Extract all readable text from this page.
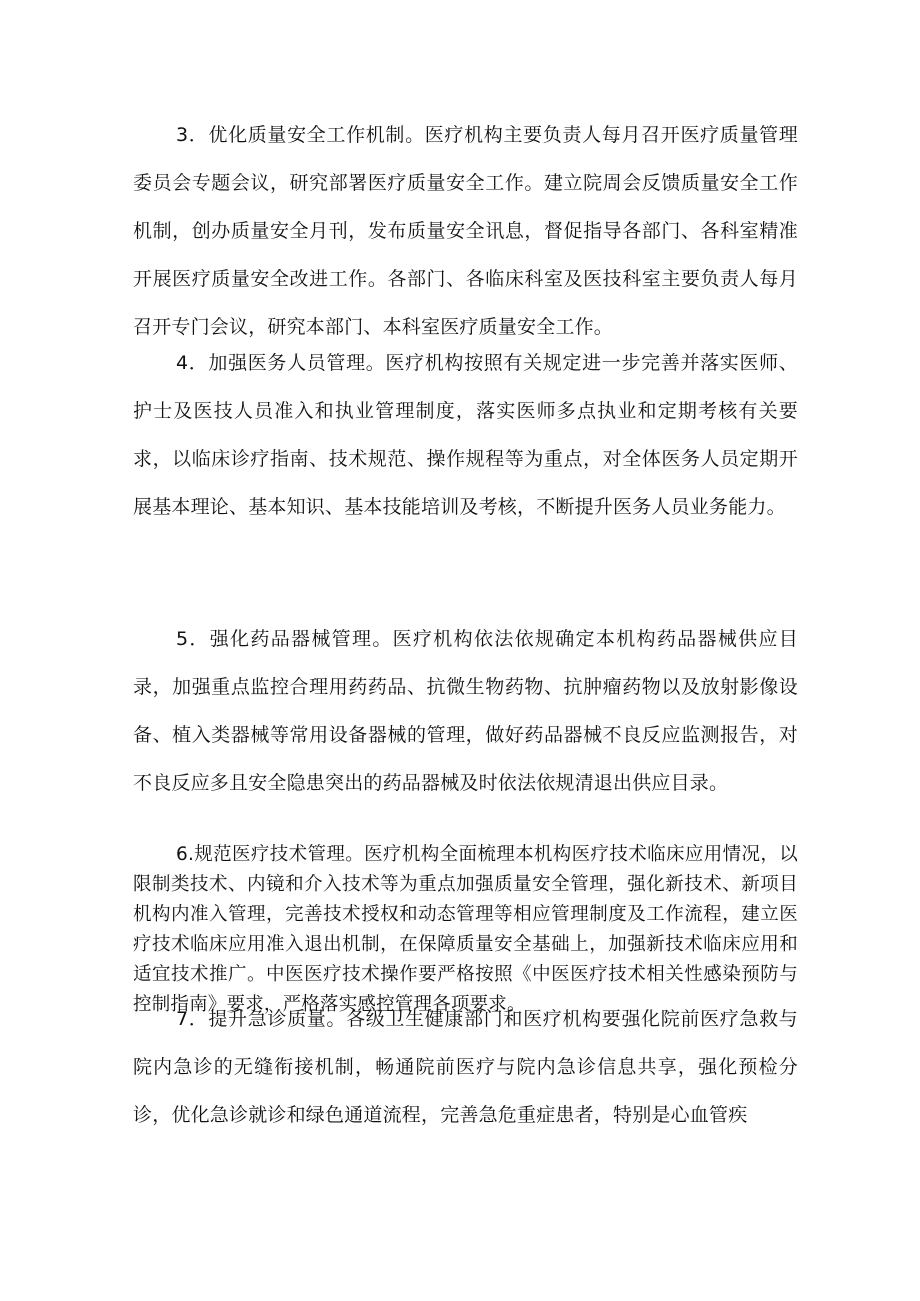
3．优化质量安全工作机制。医疗机构主要负责人每月召开医疗质量管理委员会专题会议，研究部署医疗质量安全工作。建立院周会反馈质量安全工作机制，创办质量安全月刊，发布质量安全讯息，督促指导各部门、各科室精准开展医疗质量安全改进工作。各部门、各临床科室及医技科室主要负责人每月召开专门会议，研究本部门、本科室医疗质量安全工作。

4．加强医务人员管理。医疗机构按照有关规定进一步完善并落实医师、护士及医技人员准入和执业管理制度，落实医师多点执业和定期考核有关要求，以临床诊疗指南、技术规范、操作规程等为重点，对全体医务人员定期开展基本理论、基本知识、基本技能培训及考核，不断提升医务人员业务能力。

5．强化药品器械管理。医疗机构依法依规确定本机构药品器械供应目录，加强重点监控合理用药药品、抗微生物药物、抗肿瘤药物以及放射影像设备、植入类器械等常用设备器械的管理，做好药品器械不良反应监测报告，对不良反应多且安全隐患突出的药品器械及时依法依规清退出供应目录。

6.规范医疗技术管理。医疗机构全面梳理本机构医疗技术临床应用情况，以限制类技术、内镜和介入技术等为重点加强质量安全管理，强化新技术、新项目机构内准入管理，完善技术授权和动态管理等相应管理制度及工作流程，建立医疗技术临床应用准入退出机制，在保障质量安全基础上，加强新技术临床应用和适宜技术推广。中医医疗技术操作要严格按照《中医医疗技术相关性感染预防与控制指南》要求，严格落实感控管理各项要求。

7．提升急诊质量。各级卫生健康部门和医疗机构要强化院前医疗急救与院内急诊的无缝衔接机制，畅通院前医疗与院内急诊信息共享，强化预检分诊，优化急诊就诊和绿色通道流程，完善急危重症患者，特别是心血管疾
